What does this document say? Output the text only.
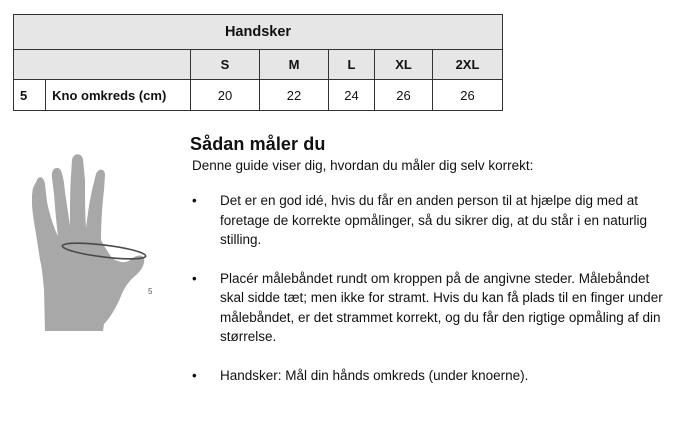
Handsker						
		S	M	L	XL	2XL
5	Kno omkreds (cm)	20	22	24	26	26
5
Sådan måler du

Denne guide viser dig, hvordan du måler dig selv korrekt:

• Det er en god idé, hvis du får en anden person til at hjælpe dig med at foretage de korrekte opmålinger, så du sikrer dig, at du står i en naturlig stilling.
• Placér målebåndet rundt om kroppen på de angivne steder. Målebåndet skal sidde tæt; men ikke for stramt. Hvis du kan få plads til en finger under målebåndet, er det strammet korrekt, og du får den rigtige opmåling af din størrelse.
• Handsker: Mål din hånds omkreds (under knoerne).
